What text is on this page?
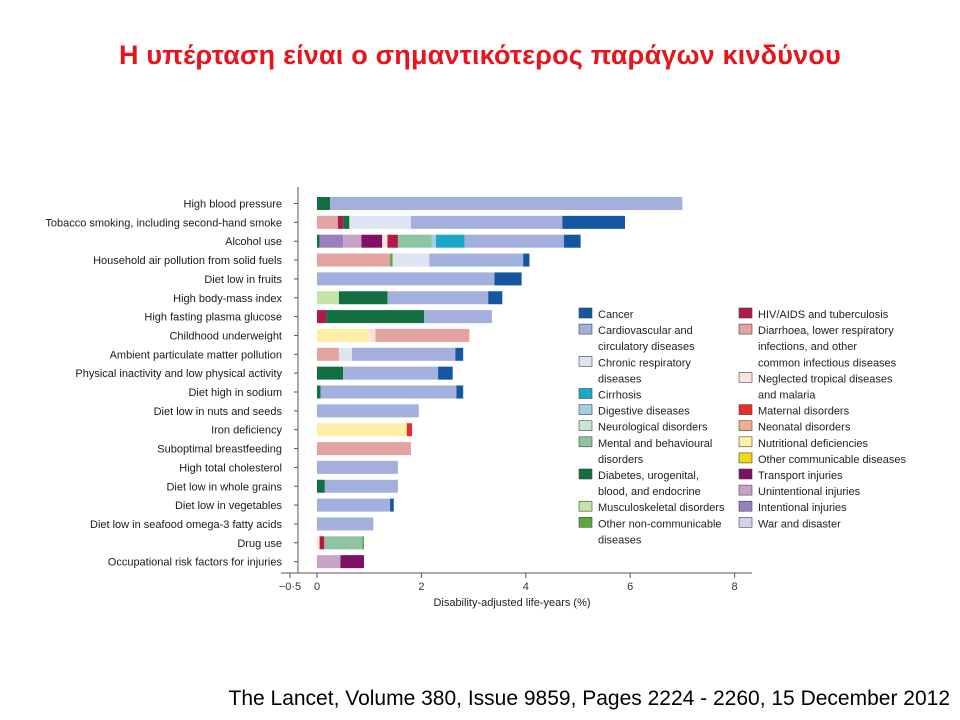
Η υπέρταση είναι ο σημαντικότερος παράγων κινδύνου
−0·5 0	2	4	6	8
Disability-adjusted life-years (%)
High blood pressure
Tobacco smoking, including second-hand smoke
Alcohol use
Household air pollution from solid fuels
Diet low in fruits
High body-mass index
High fasting plasma glucose
Childhood underweight
Ambient particulate matter pollution
Physical inactivity and low physical activity
Diet high in sodium
Diet low in nuts and seeds
Iron deficiency
Suboptimal breastfeeding
High total cholesterol
Diet low in whole grains
Diet low in vegetables
Diet low in seafood omega-3 fatty acids
Drug use
Occupational risk factors for injuries
Cancer
Cardiovascular and circulatory diseases
Chronic respiratory diseases
Cirrhosis
Digestive diseases
Neurological disorders
Mental and behavioural disorders
Diabetes, urogenital, blood, and endocrine
Musculoskeletal disorders
Other non-communicable diseases
HIV/AIDS and tuberculosis
Diarrhoea, lower respiratory infections, and other common infectious diseases
Neglected tropical diseases and malaria
Maternal disorders
Neonatal disorders
Nutritional deficiencies
Other communicable diseases
Transport injuries
Unintentional injuries
Intentional injuries
War and disaster
The Lancet, Volume 380, Issue 9859, Pages 2224 - 2260, 15 December 2012
